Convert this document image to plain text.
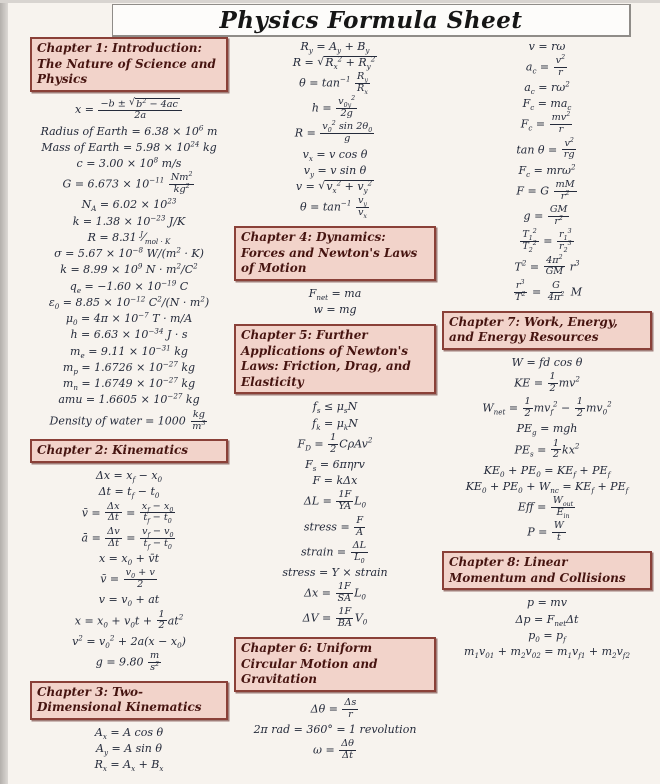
Physics Formula Sheet
Chapter 1: Introduction: The Nature of Science and Physics
$x = \frac{-b \pm √ b^2 - 4ac}{2a}$
Radius of Earth = $6.38 \times 10^6$ m
Mass of Earth = $5.98 \times 10^{24}$ kg
$c = 3.00 \times 10^8$ m/s
$G = 6.673 \times 10^{-11} \frac{Nm^2}{kg^2}$
$N_A = 6.02 \times 10^{23}$
$k = 1.38 \times 10^{-23}$ J/K
R = 8.31 $^J⁄_{mol \cdot K}$
$\sigma = 5.67 \times 10^{-8}$ $W/(m^2 \cdot K)$
$k = 8.99 \times 10^9$ $N \cdot m^2/C^2$
$q_e = -1.60 \times 10^{-19}$ C
$\varepsilon_0 = 8.85 \times 10^{-12}$ $C^2/(N \cdot m^2)$
$\mu_0 = 4\pi \times 10^{-7}$ T · m/A
$h = 6.63 \times 10^{-34}$ J · s
$m_e = 9.11 \times 10^{-31}$ kg
$m_p = 1.6726 \times 10^{-27}$ kg
$m_n = 1.6749 \times 10^{-27}$ kg
amu = $1.6605 \times 10^{-27}$ kg
Density of water = $1000 \frac{kg}{m^3}$
Chapter 2: Kinematics
$\Delta x = x_f - x_0$
$\Delta t = t_f - t_0$
v̄ = $\frac{\Delta x}{\Delta t} = \frac{x_f - x_0}{t_f - t_0}$
ā = $\frac{\Delta v}{\Delta t} = \frac{v_f - v_0}{t_f - t_0}$
$x = x_0$ + v̄t
v̄ = $\frac{v_0 + v}{2}$
$v = v_0$ + at
$x = x_0 + v_0t + \frac{1}{2} at^2$
$v^2 = v_0^2 + 2a(x - x_0)$
$g = 9.80 \frac{m}{s^2}$
Chapter 3: Two-Dimensional Kinematics
$A_x = A$ cos θ
$A_y = A$ sin θ
$R_x = A_x + B_x$
$R_y = A_y + B_y$
R = √ $R_x^2 + R_y^2$
$\theta = \tan^{-1} \frac{R_y}{R_x}$
$h = \frac{v_{0y}^2}{2g}$
$R = \frac{v_0^2 \sin 2\theta_0}{g}$
$v_x = v$ cos θ
$v_y = v$ sin θ
v = √ $v_x^2 + v_y^2$
$\theta = \tan^{-1} \frac{v_y}{v_x}$
Chapter 4: Dynamics: Forces and Newton's Laws of Motion
$F_{net}$ = ma
w = mg
Chapter 5: Further Applications of Newton's Laws: Friction, Drag, and Elasticity
$f_s \le \mu_sN$
$f_k = \mu_kN$
$F_D = \frac{1}{2} C\rho Av^2$
$F_s = 6\pi\eta rv$
F = kΔx
$\Delta L = \frac{1F}{YA} L_0$
stress = $\frac{F}{A}$
strain = $\frac{\Delta L}{L_0}$
stress = Y × strain
$\Delta x = \frac{1F}{SA} L_0$
$\Delta V = \frac{1F}{BA} V_0$
Chapter 6: Uniform Circular Motion and Gravitation
$\Delta\theta = \frac{\Delta s}{r}$
2π rad = 360° = 1 revolution
$\omega = \frac{\Delta\theta}{\Delta t}$
v = rω
$a_c = \frac{v^2}{r}$
$a_c = r\omega^2$
$F_c = ma_c$
$F_c = \frac{mv^2}{r}$
$\tan \theta = \frac{v^2}{rg}$
$F_c = mr\omega^2$
F = G $\frac{mM}{r^2}$
$g = \frac{GM}{r^2}$
$\frac{T_1^2}{T_2^2} = \frac{r_1^3}{r_2^3}$
$T^2 = \frac{4\pi^2}{GM} r^3$
$\frac{r^3}{T^2} = \frac{G}{4\pi^2}$ M
Chapter 7: Work, Energy, and Energy Resources
W = fd cos θ
KE = $\frac{1}{2} mv^2$
$W_{net} = \frac{1}{2} mv_f^2 - \frac{1}{2} mv_0^2$
$PE_g$ = mgh
$PE_s = \frac{1}{2} kx^2$
$KE_0 + PE_0 = KE_f + PE_f$
$KE_0 + PE_0 + W_{nc} = KE_f + PE_f$
Eff = $W_{out}$
$E_{in}$
$P = \frac{W}{t}$
Chapter 8: Linear Momentum and Collisions
p = mv
$\Delta p = F_{net}\Delta t$
$p_0 = p_f$
$m_1v_{01} + m_2v_{02} = m_1v_{f1} + m_2v_{f2}$
